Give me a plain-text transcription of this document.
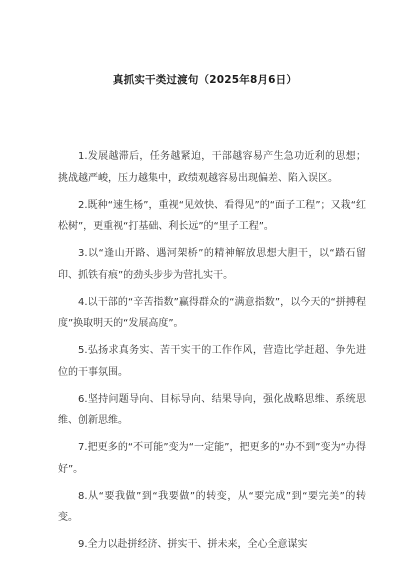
真抓实干类过渡句（2025年8月6日）

1.发展越滞后，任务越紧迫，干部越容易产生急功近利的思想；挑战越严峻，压力越集中，政绩观越容易出现偏差、陷入误区。

2.既种“速生杨”，重视“见效快、看得见”的“面子工程”；又栽“红松树”，更重视“打基础、利长远”的“里子工程”。

3.以“逢山开路、遇河架桥”的精神解放思想大胆干，以“踏石留印、抓铁有痕”的劲头步步为营扎实干。

4.以干部的“辛苦指数”赢得群众的“满意指数”，以今天的“拼搏程度”换取明天的“发展高度”。

5.弘扬求真务实、苦干实干的工作作风，营造比学赶超、争先进位的干事氛围。

6.坚持问题导向、目标导向、结果导向，强化战略思维、系统思维、创新思维。

7.把更多的“不可能”变为“一定能”，把更多的“办不到”变为“办得好”。

8.从“要我做”到“我要做”的转变，从“要完成”到“要完美”的转变。

9.全力以赴拼经济、拼实干、拼未来，全心全意谋实
